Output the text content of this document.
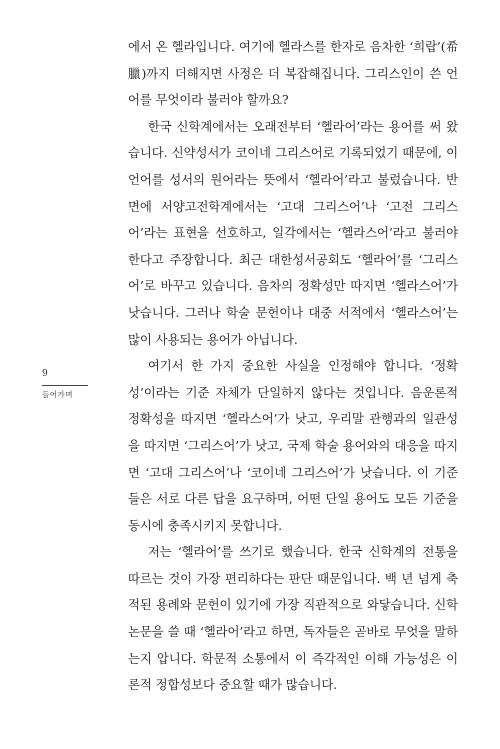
9
들어가며

에서 온 헬라입니다. 여기에 헬라스를 한자로 음차한 ‘희랍’(希臘)까지 더해지면 사정은 더 복잡해집니다. 그리스인이 쓴 언어를 무엇이라 불러야 할까요?

한국 신학계에서는 오래전부터 ‘헬라어’라는 용어를 써 왔습니다. 신약성서가 코이네 그리스어로 기록되었기 때문에, 이 언어를 성서의 원어라는 뜻에서 ‘헬라어’라고 불렀습니다. 반면에 서양고전학계에서는 ‘고대 그리스어’나 ‘고전 그리스어’라는 표현을 선호하고, 일각에서는 ‘헬라스어’라고 불러야 한다고 주장합니다. 최근 대한성서공회도 ‘헬라어’를 ‘그리스어’로 바꾸고 있습니다. 음차의 정확성만 따지면 ‘헬라스어’가 낫습니다. 그러나 학술 문헌이나 대중 서적에서 ‘헬라스어’는 많이 사용되는 용어가 아닙니다.

여기서 한 가지 중요한 사실을 인정해야 합니다. ‘정확성’이라는 기준 자체가 단일하지 않다는 것입니다. 음운론적 정확성을 따지면 ‘헬라스어’가 낫고, 우리말 관행과의 일관성을 따지면 ‘그리스어’가 낫고, 국제 학술 용어와의 대응을 따지면 ‘고대 그리스어’나 ‘코이네 그리스어’가 낫습니다. 이 기준들은 서로 다른 답을 요구하며, 어떤 단일 용어도 모든 기준을 동시에 충족시키지 못합니다.

저는 ‘헬라어’를 쓰기로 했습니다. 한국 신학계의 전통을 따르는 것이 가장 편리하다는 판단 때문입니다. 백 년 넘게 축적된 용례와 문헌이 있기에 가장 직관적으로 와닿습니다. 신학 논문을 쓸 때 ‘헬라어’라고 하면, 독자들은 곧바로 무엇을 말하는지 압니다. 학문적 소통에서 이 즉각적인 이해 가능성은 이론적 정합성보다 중요할 때가 많습니다.
